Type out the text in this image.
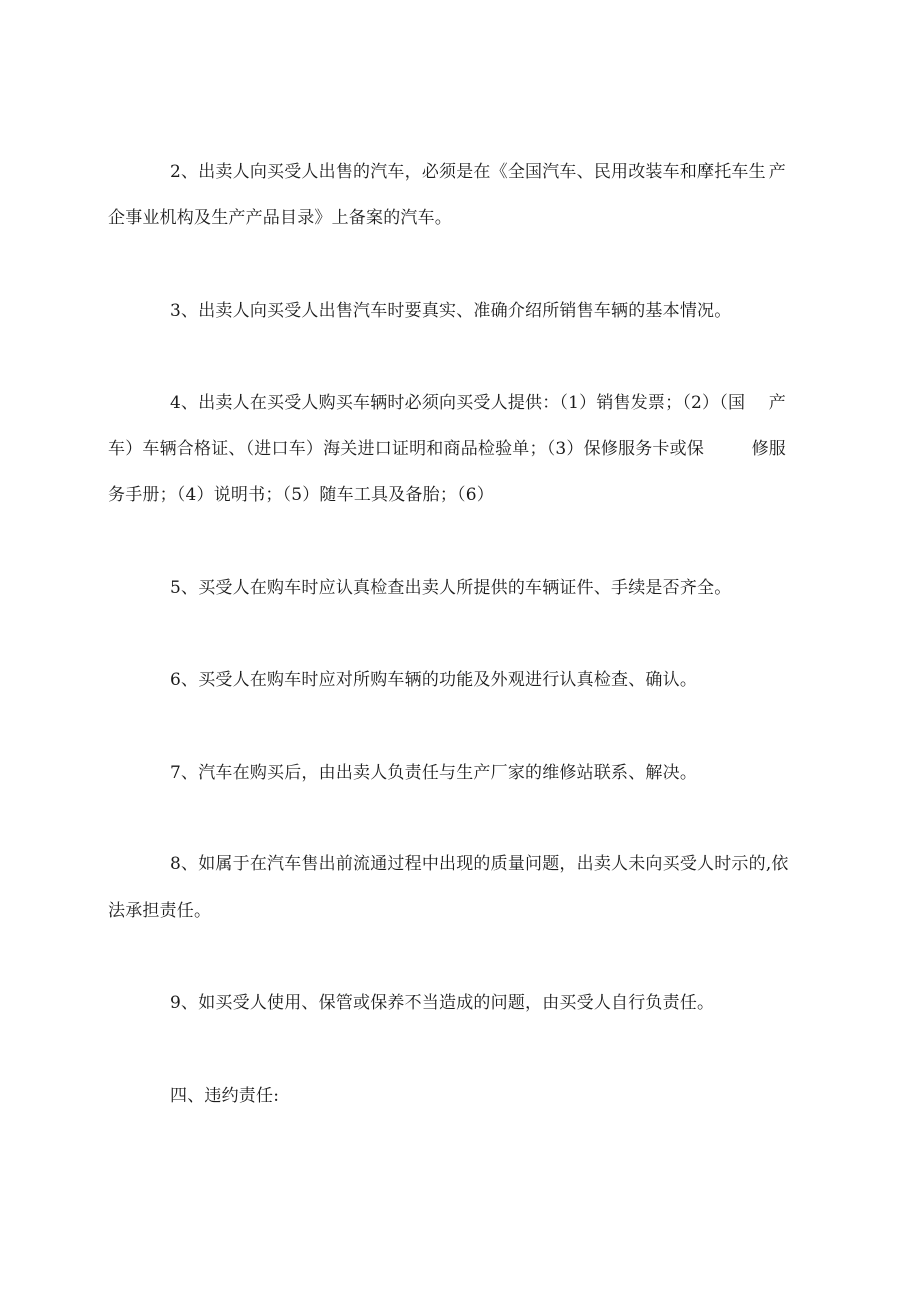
2、出卖人向买受人出售的汽车，必须是在《全国汽车、民用改装车和摩托车生 产
企事业机构及生产产品目录》上备案的汽车。
3、出卖人向买受人出售汽车时要真实、准确介绍所销售车辆的基本情况。
4、出卖人在买受人购买车辆时必须向买受人提供：（1）销售发票；（2）（国 产
车）车辆合格证、（进口车）海关进口证明和商品检验单；（3）保修服务卡或保	修服
务手册；（4）说明书；（5）随车工具及备胎；（6）
5、买受人在购车时应认真检查出卖人所提供的车辆证件、手续是否齐全。
6、买受人在购车时应对所购车辆的功能及外观进行认真检查、确认。
7、汽车在购买后，由出卖人负责任与生产厂家的维修站联系、解决。
8、如属于在汽车售出前流通过程中出现的质量问题，出卖人未向买受人时示的, 依
法承担责任。
9、如买受人使用、保管或保养不当造成的问题，由买受人自行负责任。
四、违约责任:
